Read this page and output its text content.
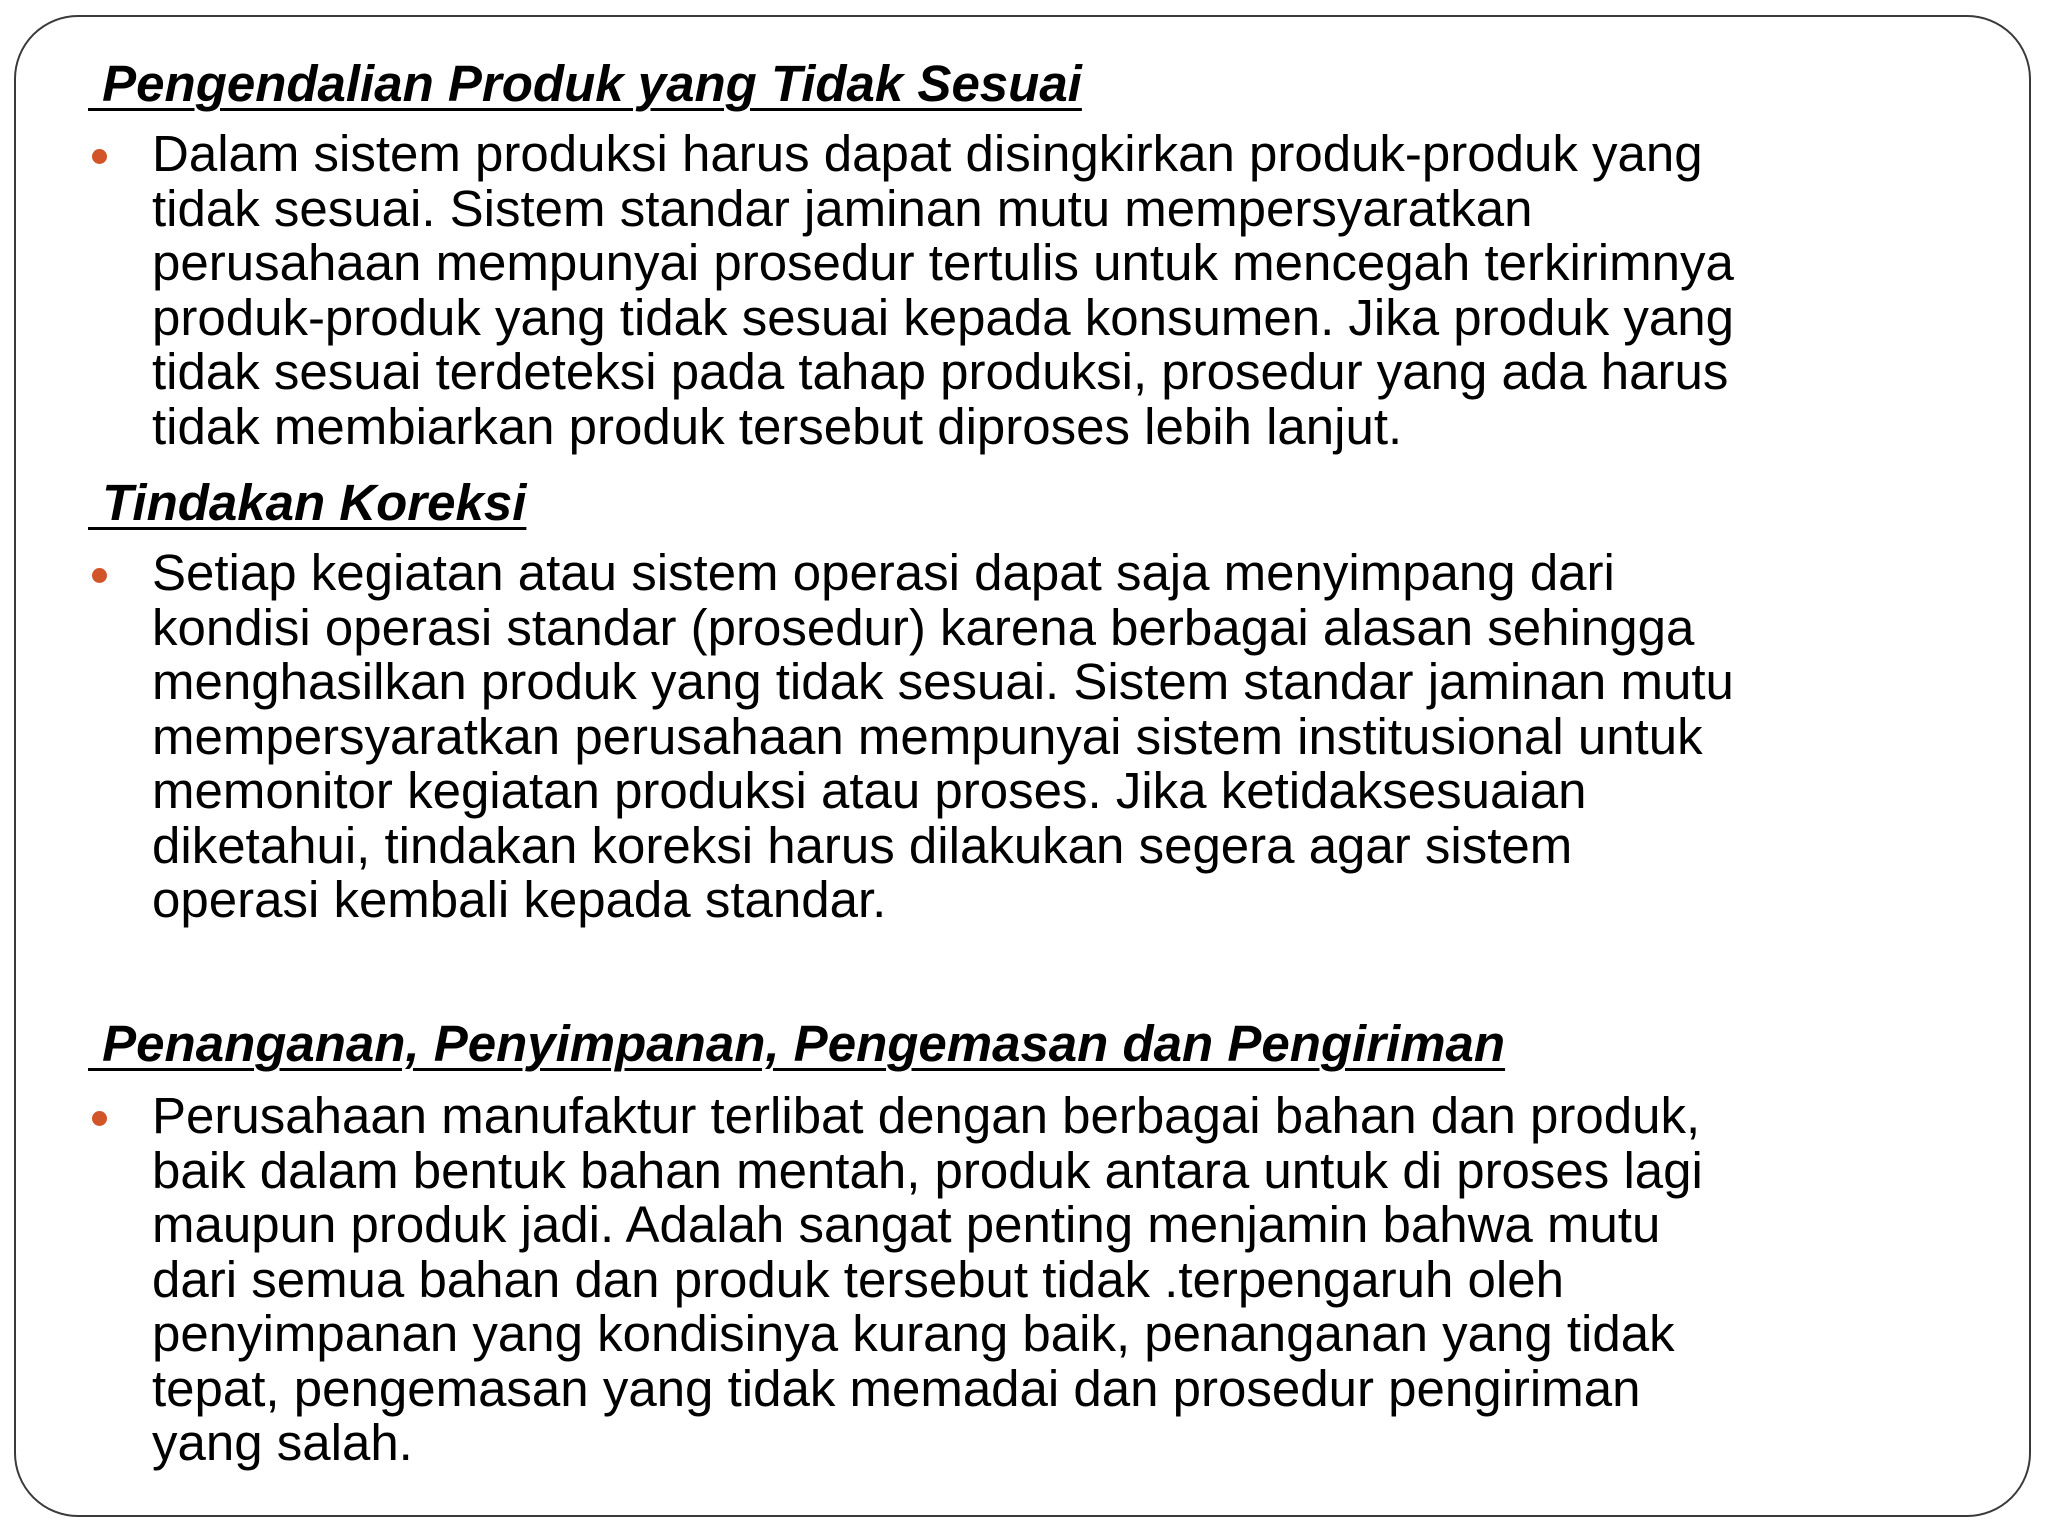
Pengendalian Produk yang Tidak Sesuai
Dalam sistem produksi harus dapat disingkirkan produk-produk yang
tidak sesuai. Sistem standar jaminan mutu mempersyaratkan
perusahaan mempunyai prosedur tertulis untuk mencegah terkirimnya
produk-produk yang tidak sesuai kepada konsumen. Jika produk yang
tidak sesuai terdeteksi pada tahap produksi, prosedur yang ada harus
tidak membiarkan produk tersebut diproses lebih lanjut.
Tindakan Koreksi
Setiap kegiatan atau sistem operasi dapat saja menyimpang dari
kondisi operasi standar (prosedur) karena berbagai alasan sehingga
menghasilkan produk yang tidak sesuai. Sistem standar jaminan mutu
mempersyaratkan perusahaan mempunyai sistem institusional untuk
memonitor kegiatan produksi atau proses. Jika ketidaksesuaian
diketahui, tindakan koreksi harus dilakukan segera agar sistem
operasi kembali kepada standar.
Penanganan, Penyimpanan, Pengemasan dan Pengiriman
Perusahaan manufaktur terlibat dengan berbagai bahan dan produk,
baik dalam bentuk bahan mentah, produk antara untuk di proses lagi
maupun produk jadi. Adalah sangat penting menjamin bahwa mutu
dari semua bahan dan produk tersebut tidak .terpengaruh oleh
penyimpanan yang kondisinya kurang baik, penanganan yang tidak
tepat, pengemasan yang tidak memadai dan prosedur pengiriman
yang salah.
